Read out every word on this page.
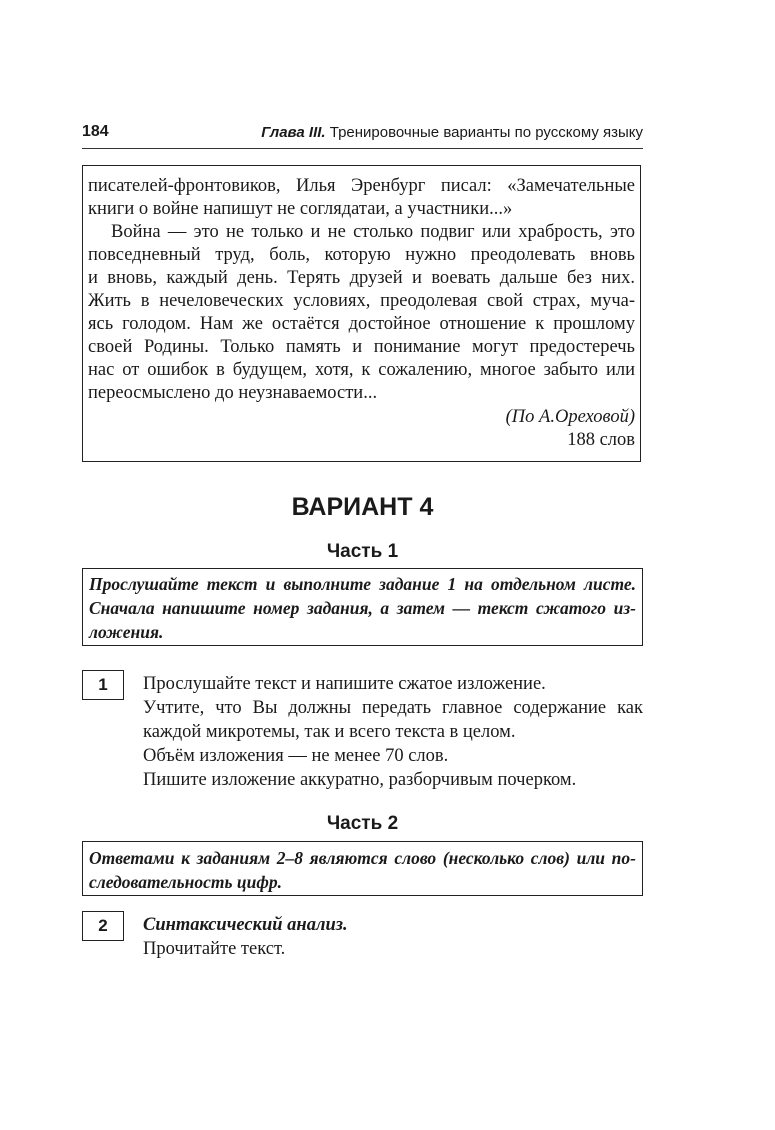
184	Глава III. Тренировочные варианты по русскому языку
писателей-фронтовиков, Илья Эренбург писал: «Замечательные
книги о войне напишут не соглядатаи, а участники...»
Война — это не только и не столько подвиг или храбрость, это
повседневный труд, боль, которую нужно преодолевать вновь
и вновь, каждый день. Терять друзей и воевать дальше без них.
Жить в нечеловеческих условиях, преодолевая свой страх, муча-
ясь голодом. Нам же остаётся достойное отношение к прошлому
своей Родины. Только память и понимание могут предостеречь
нас от ошибок в будущем, хотя, к сожалению, многое забыто или
переосмыслено до неузнаваемости...
(По А.Ореховой)
188 слов
ВАРИАНТ 4
Часть 1
Прослушайте текст и выполните задание 1 на отдельном листе.
Сначала напишите номер задания, а затем — текст сжатого из-
ложения.
1	Прослушайте текст и напишите сжатое изложение.
Учтите, что Вы должны передать главное содержание как
каждой микротемы, так и всего текста в целом.
Объём изложения — не менее 70 слов.
Пишите изложение аккуратно, разборчивым почерком.
Часть 2
Ответами к заданиям 2–8 являются слово (несколько слов) или по-
следовательность цифр.
2	Синтаксический анализ.
Прочитайте текст.
